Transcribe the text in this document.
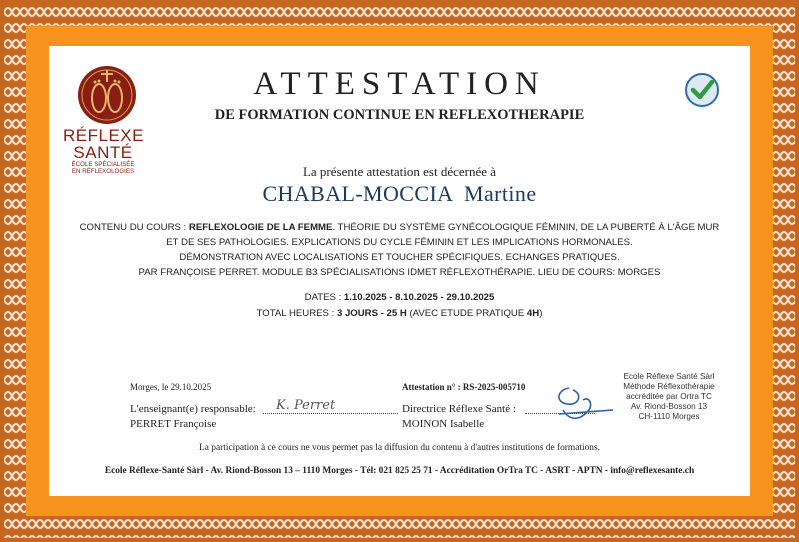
RÉFLEXE
SANTÉ
ÉCOLE SPÉCIALISÉE
EN RÉFLEXOLOGIES
ATTESTATION
DE FORMATION CONTINUE EN REFLEXOTHERAPIE
La présente attestation est décernée à
CHABAL-MOCCIA  Martine
CONTENU DU COURS : REFLEXOLOGIE DE LA FEMME. THÉORIE DU SYSTÈME GYNÉCOLOGIQUE FÉMININ, DE LA PUBERTÉ À L'ÂGE MUR
ET DE SES PATHOLOGIES. EXPLICATIONS DU CYCLE FÉMININ ET LES IMPLICATIONS HORMONALES.
DÉMONSTRATION AVEC LOCALISATIONS ET TOUCHER SPÉCIFIQUES. ECHANGES PRATIQUES.
PAR FRANÇOISE PERRET. MODULE B3 SPÉCIALISATIONS IDMET RÉFLEXOTHÉRAPIE. LIEU DE COURS: MORGES
DATES : 1.10.2025 - 8.10.2025 - 29.10.2025
TOTAL HEURES : 3 JOURS - 25 H (AVEC ETUDE PRATIQUE 4H)
Morges, le 29.10.2025	Attestation n° : RS-2025-005710
L'enseignant(e) responsable: K. Perret
PERRET Françoise
Directrice Réflexe Santé :
MOINON Isabelle
Ecole Réflexe Santé Sàrl
Méthode Réflexothérapie
accréditée par Ortra TC
Av. Riond-Bosson 13
CH-1110 Morges
La participation à ce cours ne vous permet pas la diffusion du contenu à d'autres institutions de formations.
Ecole Réflexe-Santé Sàrl - Av. Riond-Bosson 13 – 1110 Morges - Tél: 021 825 25 71 - Accréditation OrTra TC - ASRT - APTN - info@reflexesante.ch
